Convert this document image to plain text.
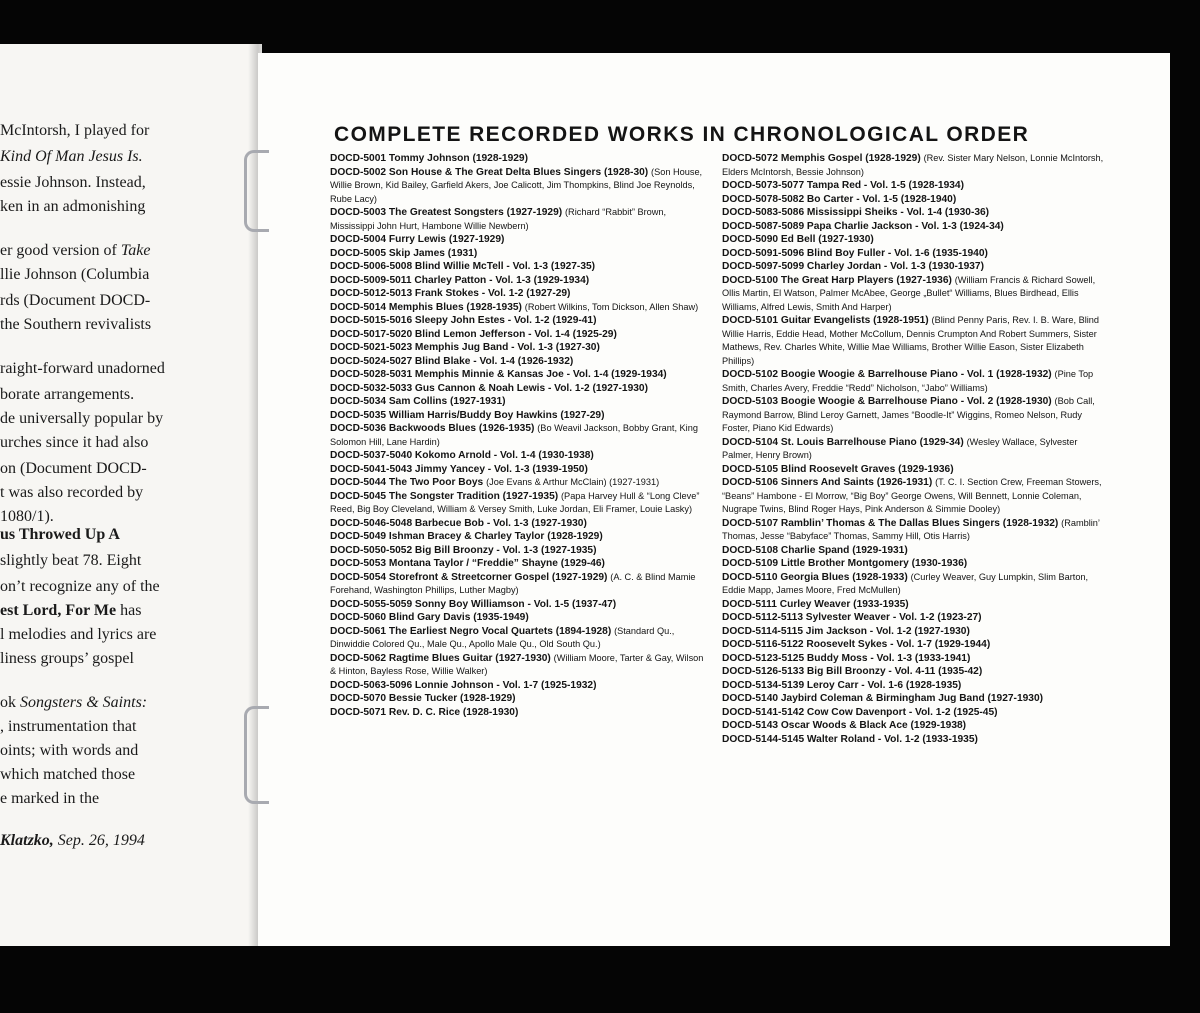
McIntorsh, I played for
Kind Of Man Jesus Is.
essie Johnson. Instead,
ken in an admonishing
er good version of Take
llie Johnson (Columbia
rds (Document DOCD-
the Southern revivalists
raight-forward unadorned
borate arrangements.
de universally popular by
urches since it had also
on (Document DOCD-
t was also recorded by
1080/1).
us Throwed Up A
slightly beat 78. Eight
on’t recognize any of the
est Lord, For Me has
l melodies and lyrics are
liness groups’ gospel
ok Songsters & Saints:
, instrumentation that
oints; with words and
which matched those
e marked in the
Klatzko, Sep. 26, 1994
COMPLETE RECORDED WORKS IN CHRONOLOGICAL ORDER

DOCD-5001 Tommy Johnson (1928-1929)

DOCD-5002 Son House & The Great Delta Blues Singers (1928-30) (Son House, Willie Brown, Kid Bailey, Garfield Akers, Joe Calicott, Jim Thompkins, Blind Joe Reynolds, Rube Lacy)

DOCD-5003 The Greatest Songsters (1927-1929) (Richard “Rabbit” Brown, Mississippi John Hurt, Hambone Willie Newbern)

DOCD-5004 Furry Lewis (1927-1929)

DOCD-5005 Skip James (1931)

DOCD-5006-5008 Blind Willie McTell - Vol. 1-3 (1927-35)

DOCD-5009-5011 Charley Patton - Vol. 1-3 (1929-1934)

DOCD-5012-5013 Frank Stokes - Vol. 1-2 (1927-29)

DOCD-5014 Memphis Blues (1928-1935) (Robert Wilkins, Tom Dickson, Allen Shaw)

DOCD-5015-5016 Sleepy John Estes - Vol. 1-2 (1929-41)

DOCD-5017-5020 Blind Lemon Jefferson - Vol. 1-4 (1925-29)

DOCD-5021-5023 Memphis Jug Band - Vol. 1-3 (1927-30)

DOCD-5024-5027 Blind Blake - Vol. 1-4 (1926-1932)

DOCD-5028-5031 Memphis Minnie & Kansas Joe - Vol. 1-4 (1929-1934)

DOCD-5032-5033 Gus Cannon & Noah Lewis - Vol. 1-2 (1927-1930)

DOCD-5034 Sam Collins (1927-1931)

DOCD-5035 William Harris/Buddy Boy Hawkins (1927-29)

DOCD-5036 Backwoods Blues (1926-1935) (Bo Weavil Jackson, Bobby Grant, King Solomon Hill, Lane Hardin)

DOCD-5037-5040 Kokomo Arnold - Vol. 1-4 (1930-1938)

DOCD-5041-5043 Jimmy Yancey - Vol. 1-3 (1939-1950)

DOCD-5044 The Two Poor Boys (Joe Evans & Arthur McClain) (1927-1931)

DOCD-5045 The Songster Tradition (1927-1935) (Papa Harvey Hull & “Long Cleve” Reed, Big Boy Cleveland, William & Versey Smith, Luke Jordan, Eli Framer, Louie Lasky)

DOCD-5046-5048 Barbecue Bob - Vol. 1-3 (1927-1930)

DOCD-5049 Ishman Bracey & Charley Taylor (1928-1929)

DOCD-5050-5052 Big Bill Broonzy - Vol. 1-3 (1927-1935)

DOCD-5053 Montana Taylor / “Freddie” Shayne (1929-46)

DOCD-5054 Storefront & Streetcorner Gospel (1927-1929) (A. C. & Blind Mamie Forehand, Washington Phillips, Luther Magby)

DOCD-5055-5059 Sonny Boy Williamson - Vol. 1-5 (1937-47)

DOCD-5060 Blind Gary Davis (1935-1949)

DOCD-5061 The Earliest Negro Vocal Quartets (1894-1928) (Standard Qu., Dinwiddie Colored Qu., Male Qu., Apollo Male Qu., Old South Qu.)

DOCD-5062 Ragtime Blues Guitar (1927-1930) (William Moore, Tarter & Gay, Wilson & Hinton, Bayless Rose, Willie Walker)

DOCD-5063-5096 Lonnie Johnson - Vol. 1-7 (1925-1932)

DOCD-5070 Bessie Tucker (1928-1929)

DOCD-5071 Rev. D. C. Rice (1928-1930)

DOCD-5072 Memphis Gospel (1928-1929) (Rev. Sister Mary Nelson, Lonnie McIntorsh, Elders McIntorsh, Bessie Johnson)

DOCD-5073-5077 Tampa Red - Vol. 1-5 (1928-1934)

DOCD-5078-5082 Bo Carter - Vol. 1-5 (1928-1940)

DOCD-5083-5086 Mississippi Sheiks - Vol. 1-4 (1930-36)

DOCD-5087-5089 Papa Charlie Jackson - Vol. 1-3 (1924-34)

DOCD-5090 Ed Bell (1927-1930)

DOCD-5091-5096 Blind Boy Fuller - Vol. 1-6 (1935-1940)

DOCD-5097-5099 Charley Jordan - Vol. 1-3 (1930-1937)

DOCD-5100 The Great Harp Players (1927-1936) (William Francis & Richard Sowell, Ollis Martin, El Watson, Palmer McAbee, George „Bullet“ Williams, Blues Birdhead, Ellis Williams, Alfred Lewis, Smith And Harper)

DOCD-5101 Guitar Evangelists (1928-1951) (Blind Penny Paris, Rev. I. B. Ware, Blind Willie Harris, Eddie Head, Mother McCollum, Dennis Crumpton And Robert Summers, Sister Mathews, Rev. Charles White, Willie Mae Williams, Brother Willie Eason, Sister Elizabeth Phillips)

DOCD-5102 Boogie Woogie & Barrelhouse Piano - Vol. 1 (1928-1932) (Pine Top Smith, Charles Avery, Freddie “Redd” Nicholson, “Jabo” Williams)

DOCD-5103 Boogie Woogie & Barrelhouse Piano - Vol. 2 (1928-1930) (Bob Call, Raymond Barrow, Blind Leroy Garnett, James “Boodle-It” Wiggins, Romeo Nelson, Rudy Foster, Piano Kid Edwards)

DOCD-5104 St. Louis Barrelhouse Piano (1929-34) (Wesley Wallace, Sylvester Palmer, Henry Brown)

DOCD-5105 Blind Roosevelt Graves (1929-1936)

DOCD-5106 Sinners And Saints (1926-1931) (T. C. I. Section Crew, Freeman Stowers, “Beans” Hambone - El Morrow, “Big Boy” George Owens, Will Bennett, Lonnie Coleman, Nugrape Twins, Blind Roger Hays, Pink Anderson & Simmie Dooley)

DOCD-5107 Ramblin’ Thomas & The Dallas Blues Singers (1928-1932) (Ramblin’ Thomas, Jesse “Babyface” Thomas, Sammy Hill, Otis Harris)

DOCD-5108 Charlie Spand (1929-1931)

DOCD-5109 Little Brother Montgomery (1930-1936)

DOCD-5110 Georgia Blues (1928-1933) (Curley Weaver, Guy Lumpkin, Slim Barton, Eddie Mapp, James Moore, Fred McMullen)

DOCD-5111 Curley Weaver (1933-1935)

DOCD-5112-5113 Sylvester Weaver - Vol. 1-2 (1923-27)

DOCD-5114-5115 Jim Jackson - Vol. 1-2 (1927-1930)

DOCD-5116-5122 Roosevelt Sykes - Vol. 1-7 (1929-1944)

DOCD-5123-5125 Buddy Moss - Vol. 1-3 (1933-1941)

DOCD-5126-5133 Big Bill Broonzy - Vol. 4-11 (1935-42)

DOCD-5134-5139 Leroy Carr - Vol. 1-6 (1928-1935)

DOCD-5140 Jaybird Coleman & Birmingham Jug Band (1927-1930)

DOCD-5141-5142 Cow Cow Davenport - Vol. 1-2 (1925-45)

DOCD-5143 Oscar Woods & Black Ace (1929-1938)

DOCD-5144-5145 Walter Roland - Vol. 1-2 (1933-1935)
